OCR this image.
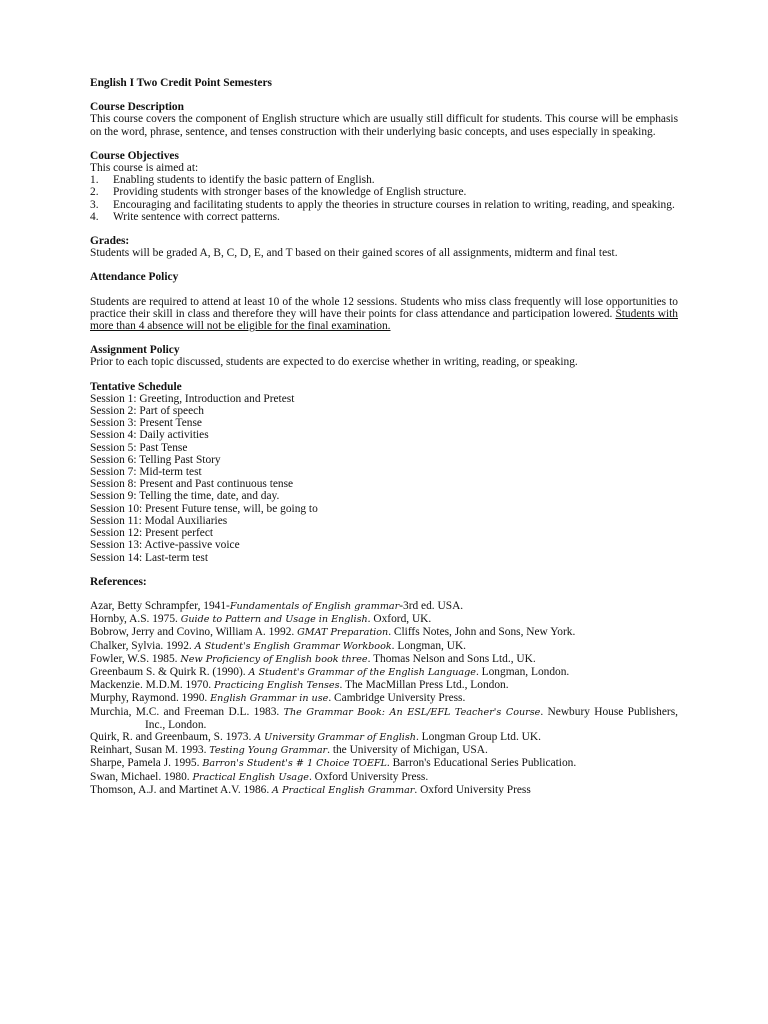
English I Two Credit Point Semesters
Course Description

This course covers the component of English structure which are usually still difficult for students. This course will be emphasis on the word, phrase, sentence, and tenses construction with their underlying basic concepts, and uses especially in speaking.

Course Objectives

This course is aimed at:

1.	Enabling students to identify the basic pattern of English.
2.	Providing students with stronger bases of the knowledge of English structure.
3.	Encouraging and facilitating students to apply the theories in structure courses in relation to writing, reading, and speaking.
4.	Write sentence with correct patterns.
Grades:

Students will be graded A, B, C, D, E, and T based on their gained scores of all assignments, midterm and final test.

Attendance Policy

Students are required to attend at least 10 of the whole 12 sessions. Students who miss class frequently will lose opportunities to practice their skill in class and therefore they will have their points for class attendance and participation lowered. Students with more than 4 absence will not be eligible for the final examination.

Assignment Policy

Prior to each topic discussed, students are expected to do exercise whether in writing, reading, or speaking.

Tentative Schedule
Session 1: Greeting, Introduction and Pretest
Session 2: Part of speech
Session 3: Present Tense
Session 4: Daily activities
Session 5: Past Tense
Session 6: Telling Past Story
Session 7: Mid-term test
Session 8: Present and Past continuous tense
Session 9: Telling the time, date, and day.
Session 10: Present Future tense, will, be going to
Session 11: Modal Auxiliaries
Session 12: Present perfect
Session 13: Active-passive voice
Session 14: Last-term test
References:
Azar, Betty Schrampfer, 1941-Fundamentals of English grammar-3rd ed. USA.
Hornby, A.S. 1975. Guide to Pattern and Usage in English. Oxford, UK.
Bobrow, Jerry and Covino, William A. 1992. GMAT Preparation. Cliffs Notes, John and Sons, New York.
Chalker, Sylvia. 1992. A Student's English Grammar Workbook. Longman, UK.
Fowler, W.S. 1985. New Proficiency of English book three. Thomas Nelson and Sons Ltd., UK.
Greenbaum S. & Quirk R. (1990). A Student's Grammar of the English Language. Longman, London.
Mackenzie. M.D.M. 1970. Practicing English Tenses. The MacMillan Press Ltd., London.
Murphy, Raymond. 1990. English Grammar in use. Cambridge University Press.
Murchia, M.C. and Freeman D.L. 1983. The Grammar Book: An ESL/EFL Teacher's Course. Newbury House Publishers, Inc., London.
Quirk, R. and Greenbaum, S. 1973. A University Grammar of English. Longman Group Ltd. UK.
Reinhart, Susan M. 1993. Testing Young Grammar. the University of Michigan, USA.
Sharpe, Pamela J. 1995. Barron's Student's # 1 Choice TOEFL. Barron's Educational Series Publication.
Swan, Michael. 1980. Practical English Usage. Oxford University Press.
Thomson, A.J. and Martinet A.V. 1986. A Practical English Grammar. Oxford University Press
